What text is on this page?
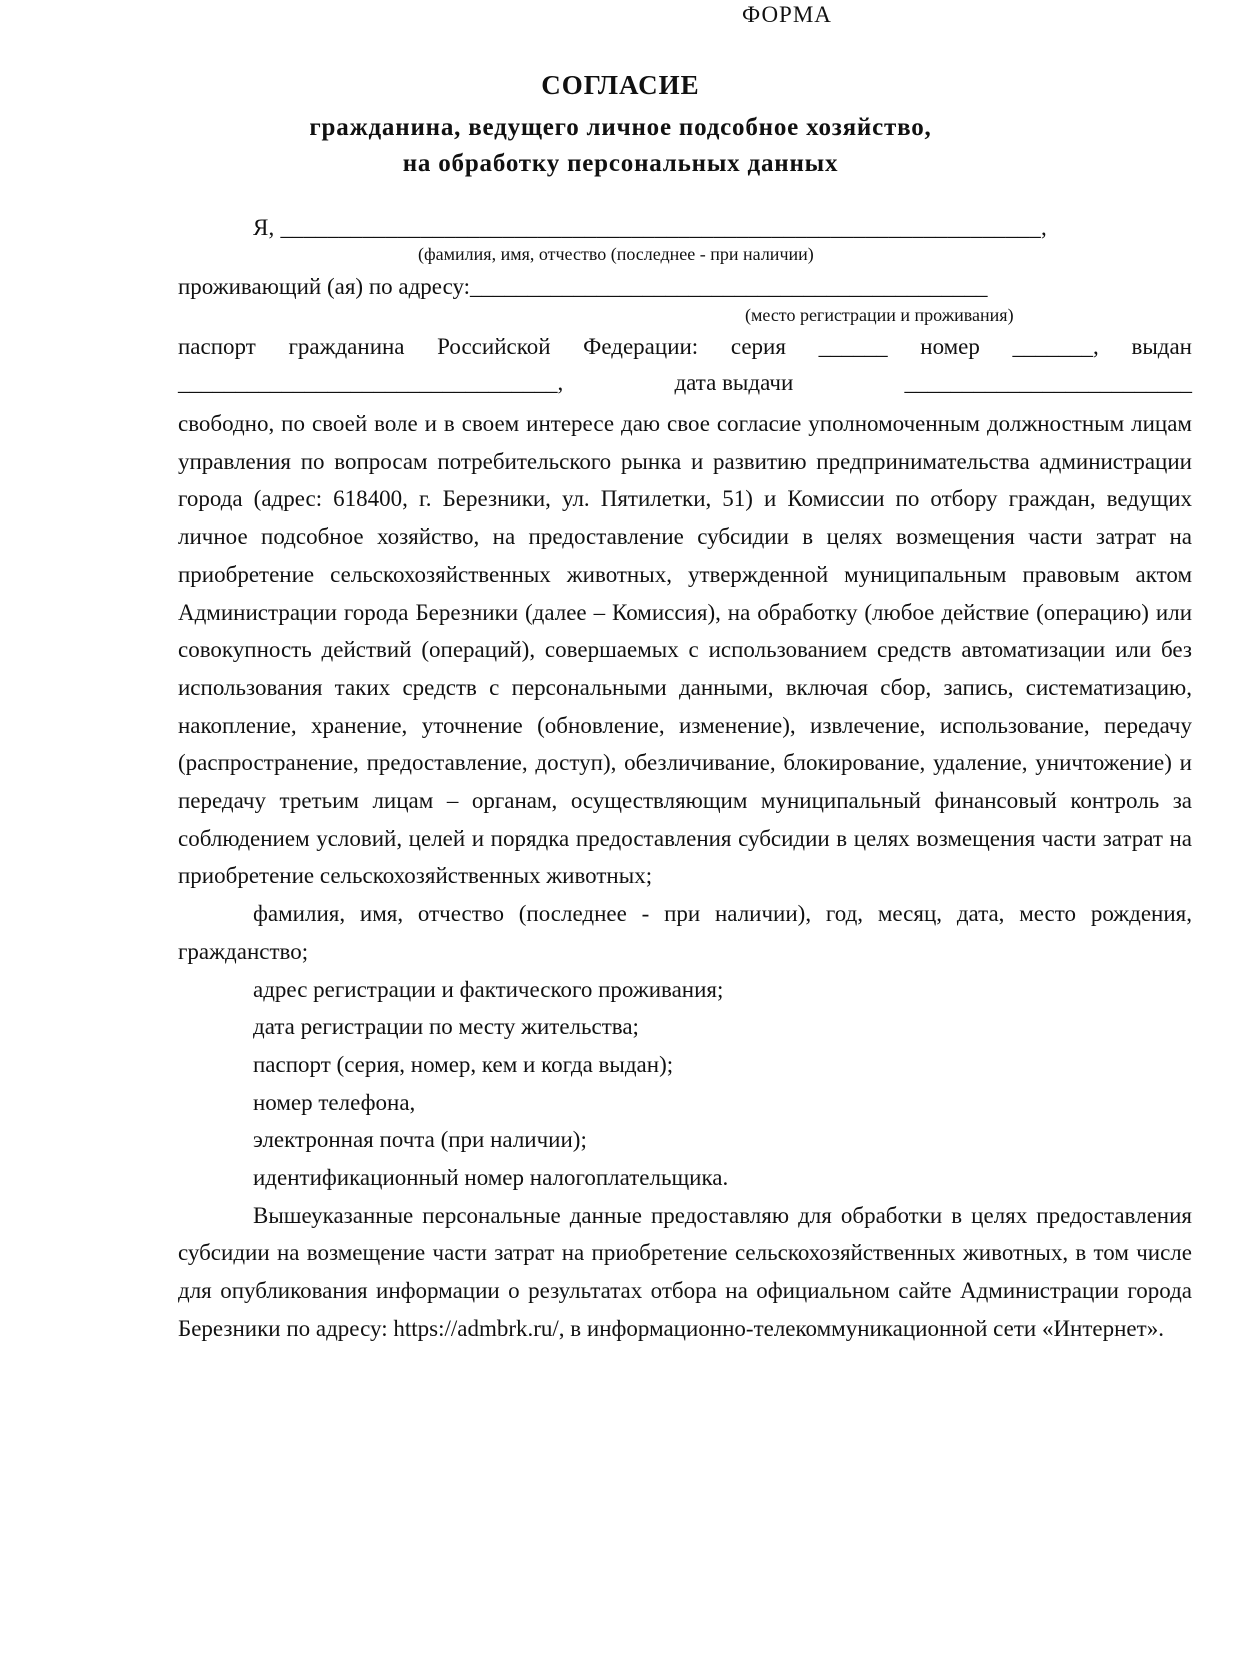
ФОРМА
СОГЛАСИЕ
гражданина, ведущего личное подсобное хозяйство,
на обработку персональных данных
Я, _________________________________________________________________,
(фамилия, имя, отчество (последнее - при наличии)
проживающий (ая) по адресу:_____________________________________________
(место регистрации и проживания)
паспорт гражданина Российской Федерации: серия ______ номер _______, выдан
_________________________________,	дата выдачи	_________________________

свободно, по своей воле и в своем интересе даю свое согласие уполномоченным должностным лицам управления по вопросам потребительского рынка и развитию предпринимательства администрации города (адрес: 618400, г. Березники, ул. Пятилетки, 51) и Комиссии по отбору граждан, ведущих личное подсобное хозяйство, на предоставление субсидии в целях возмещения части затрат на приобретение сельскохозяйственных животных, утвержденной муниципальным правовым актом Администрации города Березники (далее – Комиссия), на обработку (любое действие (операцию) или совокупность действий (операций), совершаемых с использованием средств автоматизации или без использования таких средств с персональными данными, включая сбор, запись, систематизацию, накопление, хранение, уточнение (обновление, изменение), извлечение, использование, передачу (распространение, предоставление, доступ), обезличивание, блокирование, удаление, уничтожение) и передачу третьим лицам – органам, осуществляющим муниципальный финансовый контроль за соблюдением условий, целей и порядка предоставления субсидии в целях возмещения части затрат на приобретение сельскохозяйственных животных;

фамилия, имя, отчество (последнее - при наличии), год, месяц, дата, место рождения, гражданство;

адрес регистрации и фактического проживания;

дата регистрации по месту жительства;

паспорт (серия, номер, кем и когда выдан);

номер телефона,

электронная почта (при наличии);

идентификационный номер налогоплательщика.

Вышеуказанные персональные данные предоставляю для обработки в целях предоставления субсидии на возмещение части затрат на приобретение сельскохозяйственных животных, в том числе для опубликования информации о результатах отбора на официальном сайте Администрации города Березники по адресу: https://admbrk.ru/, в информационно-телекоммуникационной сети «Интернет».
